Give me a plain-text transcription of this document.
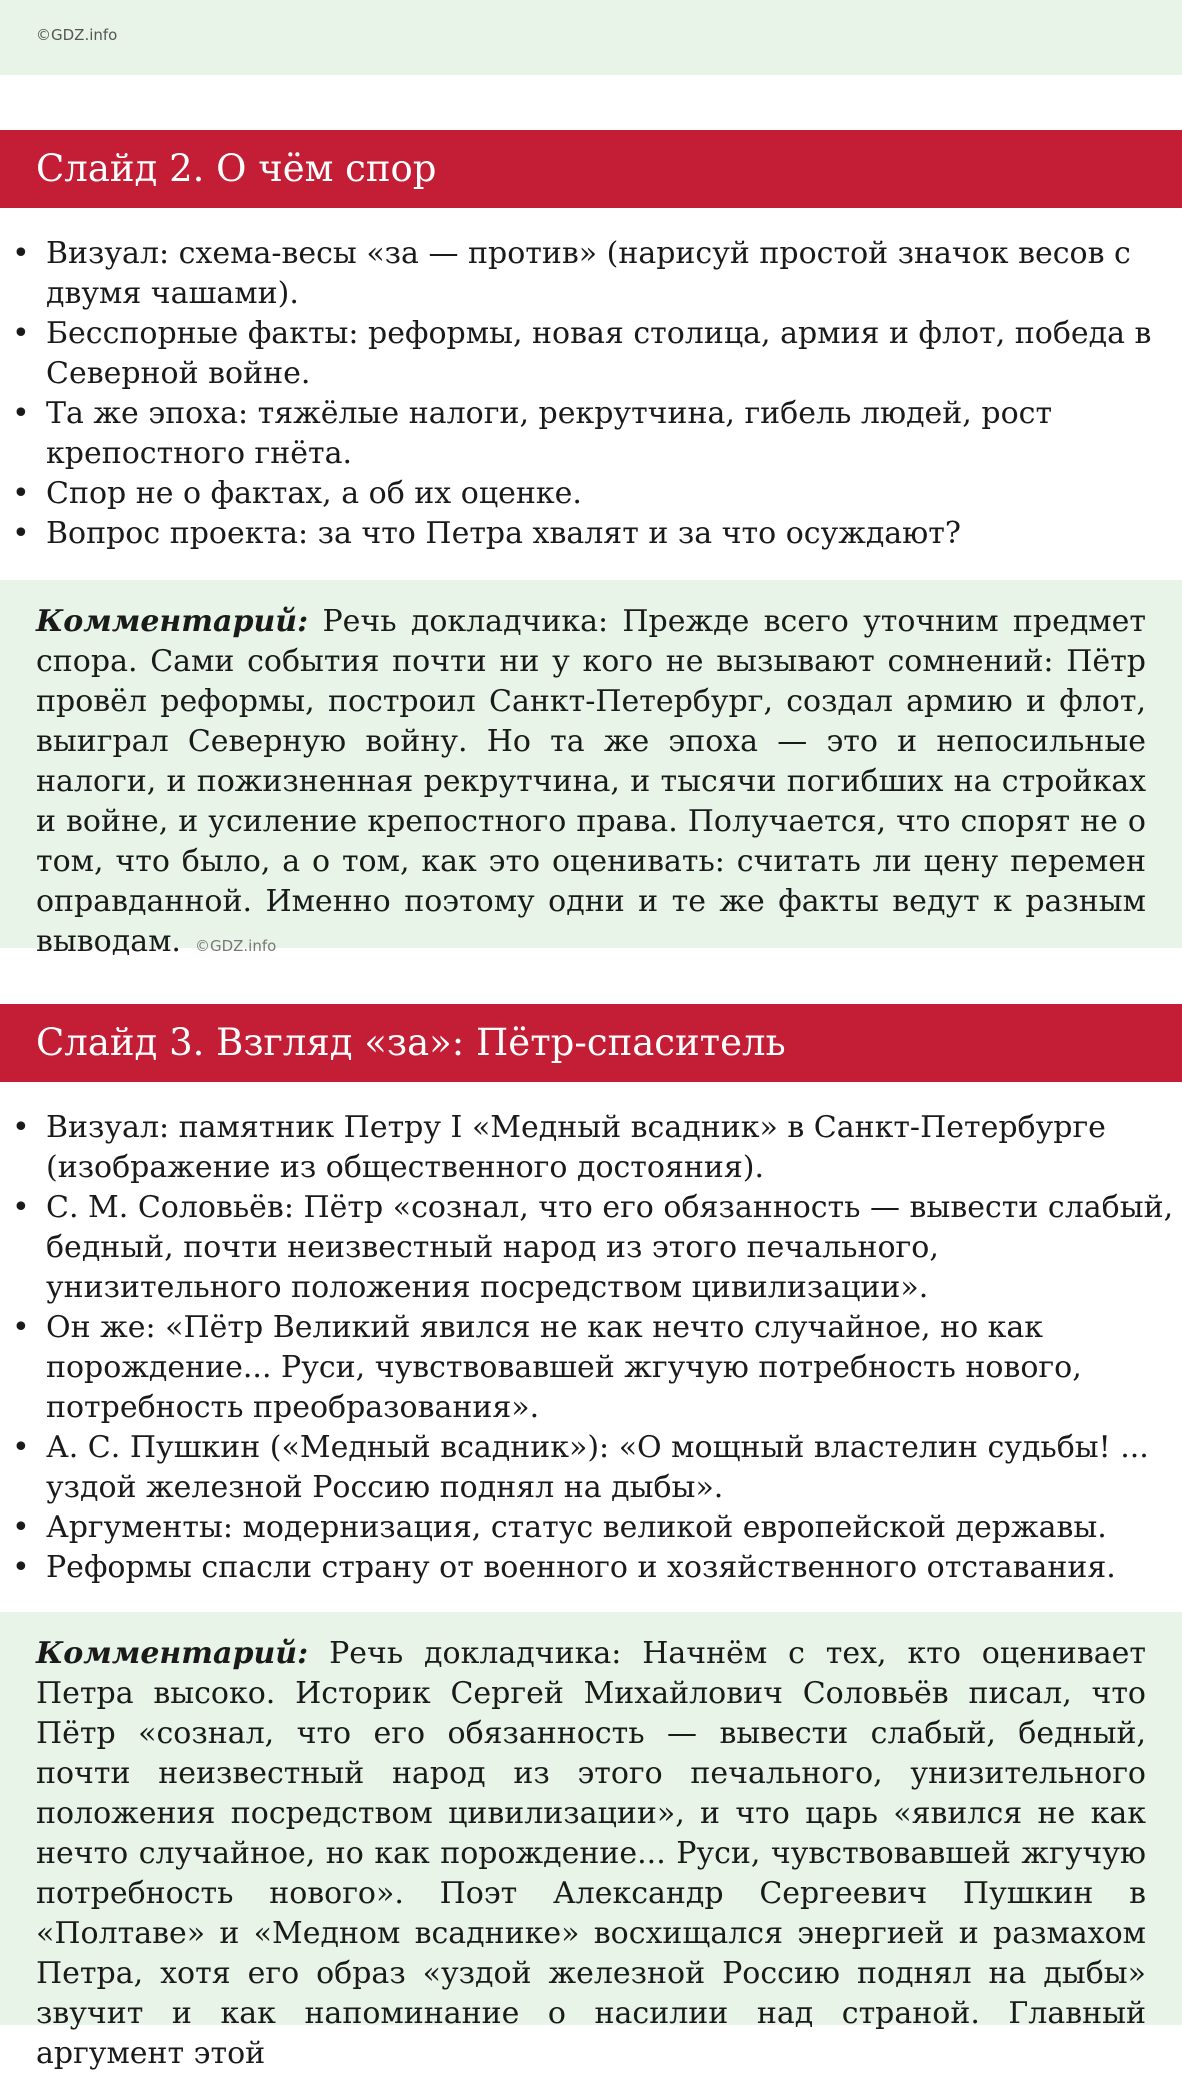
©GDZ.info
Слайд 2. О чём спор
• Визуал: схема-весы «за — против» (нарисуй простой значок весов с двумя чашами).
• Бесспорные факты: реформы, новая столица, армия и флот, победа в Северной войне.
• Та же эпоха: тяжёлые налоги, рекрутчина, гибель людей, рост крепостного гнёта.
• Спор не о фактах, а об их оценке.
• Вопрос проекта: за что Петра хвалят и за что осуждают?
Комментарий: Речь докладчика: Прежде всего уточним предмет спора. Сами события почти ни у кого не вызывают сомнений: Пётр провёл реформы, построил Санкт-Петербург, создал армию и флот, выиграл Северную войну. Но та же эпоха — это и непосильные налоги, и пожизненная рекрутчина, и тысячи погибших на стройках и войне, и усиление крепостного права. Получается, что спорят не о том, что было, а о том, как это оценивать: считать ли цену перемен оправданной. Именно поэтому одни и те же факты ведут к разным выводам. ©GDZ.info
Слайд 3. Взгляд «за»: Пётр-спаситель
• Визуал: памятник Петру I «Медный всадник» в Санкт-Петербурге (изображение из общественного достояния).
• С. М. Соловьёв: Пётр «сознал, что его обязанность — вывести слабый, бедный, почти неизвестный народ из этого печального, унизительного положения посредством цивилизации».
• Он же: «Пётр Великий явился не как нечто случайное, но как порождение... Руси, чувствовавшей жгучую потребность нового, потребность преобразования».
• А. С. Пушкин («Медный всадник»): «О мощный властелин судьбы! ... уздой железной Россию поднял на дыбы».
• Аргументы: модернизация, статус великой европейской державы.
• Реформы спасли страну от военного и хозяйственного отставания.
Комментарий: Речь докладчика: Начнём с тех, кто оценивает Петра высоко. Историк Сергей Михайлович Соловьёв писал, что Пётр «сознал, что его обязанность — вывести слабый, бедный, почти неизвестный народ из этого печального, унизительного положения посредством цивилизации», и что царь «явился не как нечто случайное, но как порождение... Руси, чувствовавшей жгучую потребность нового». Поэт Александр Сергеевич Пушкин в «Полтаве» и «Медном всаднике» восхищался энергией и размахом Петра, хотя его образ «уздой железной Россию поднял на дыбы» звучит и как напоминание о насилии над страной. Главный аргумент этой
